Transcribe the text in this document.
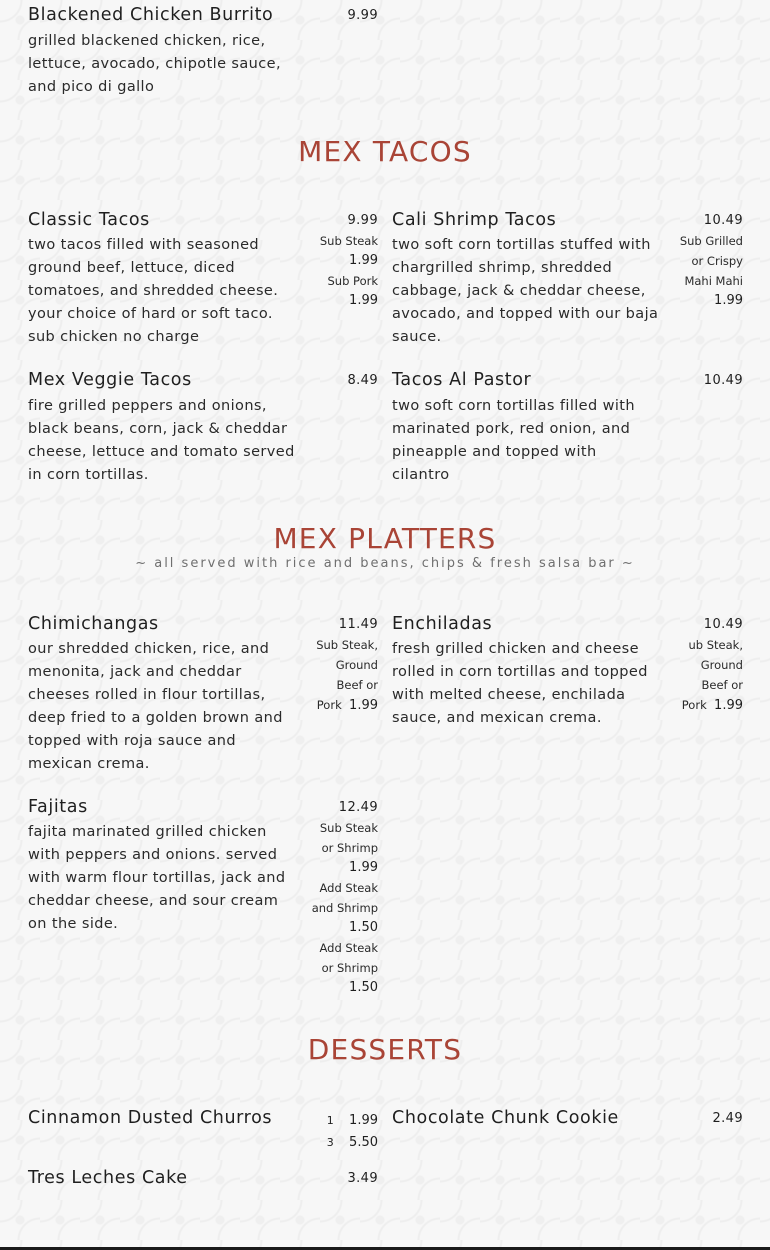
Blackened Chicken Burrito	9.99
grilled blackened chicken, rice, lettuce, avocado, chipotle sauce, and pico di gallo
MEX TACOS
Classic Tacos	9.99
two tacos filled with seasoned ground beef, lettuce, diced tomatoes, and shredded cheese. your choice of hard or soft taco. sub chicken no charge
Sub Steak
1.99
Sub Pork
1.99
Cali Shrimp Tacos	10.49
two soft corn tortillas stuffed with chargrilled shrimp, shredded cabbage, jack & cheddar cheese, avocado, and topped with our baja sauce.
Sub Grilled
or Crispy
Mahi Mahi
1.99
Mex Veggie Tacos	8.49
fire grilled peppers and onions, black beans, corn, jack & cheddar cheese, lettuce and tomato served in corn tortillas.
Tacos Al Pastor	10.49
two soft corn tortillas filled with marinated pork, red onion, and pineapple and topped with cilantro
MEX PLATTERS
~ all served with rice and beans, chips & fresh salsa bar ~
Chimichangas	11.49
our shredded chicken, rice, and menonita, jack and cheddar cheeses rolled in flour tortillas, deep fried to a golden brown and topped with roja sauce and mexican crema.
Sub Steak,
Ground
Beef or
Pork 1.99
Enchiladas	10.49
fresh grilled chicken and cheese rolled in corn tortillas and topped with melted cheese, enchilada sauce, and mexican crema.
ub Steak,
Ground
Beef or
Pork 1.99
Fajitas	12.49
fajita marinated grilled chicken with peppers and onions. served with warm flour tortillas, jack and cheddar cheese, and sour cream on the side.
Sub Steak
or Shrimp
1.99
Add Steak
and Shrimp
1.50
Add Steak
or Shrimp
1.50
DESSERTS
Cinnamon Dusted Churros	1 1.99
3 5.50
Chocolate Chunk Cookie	2.49
Tres Leches Cake	3.49
